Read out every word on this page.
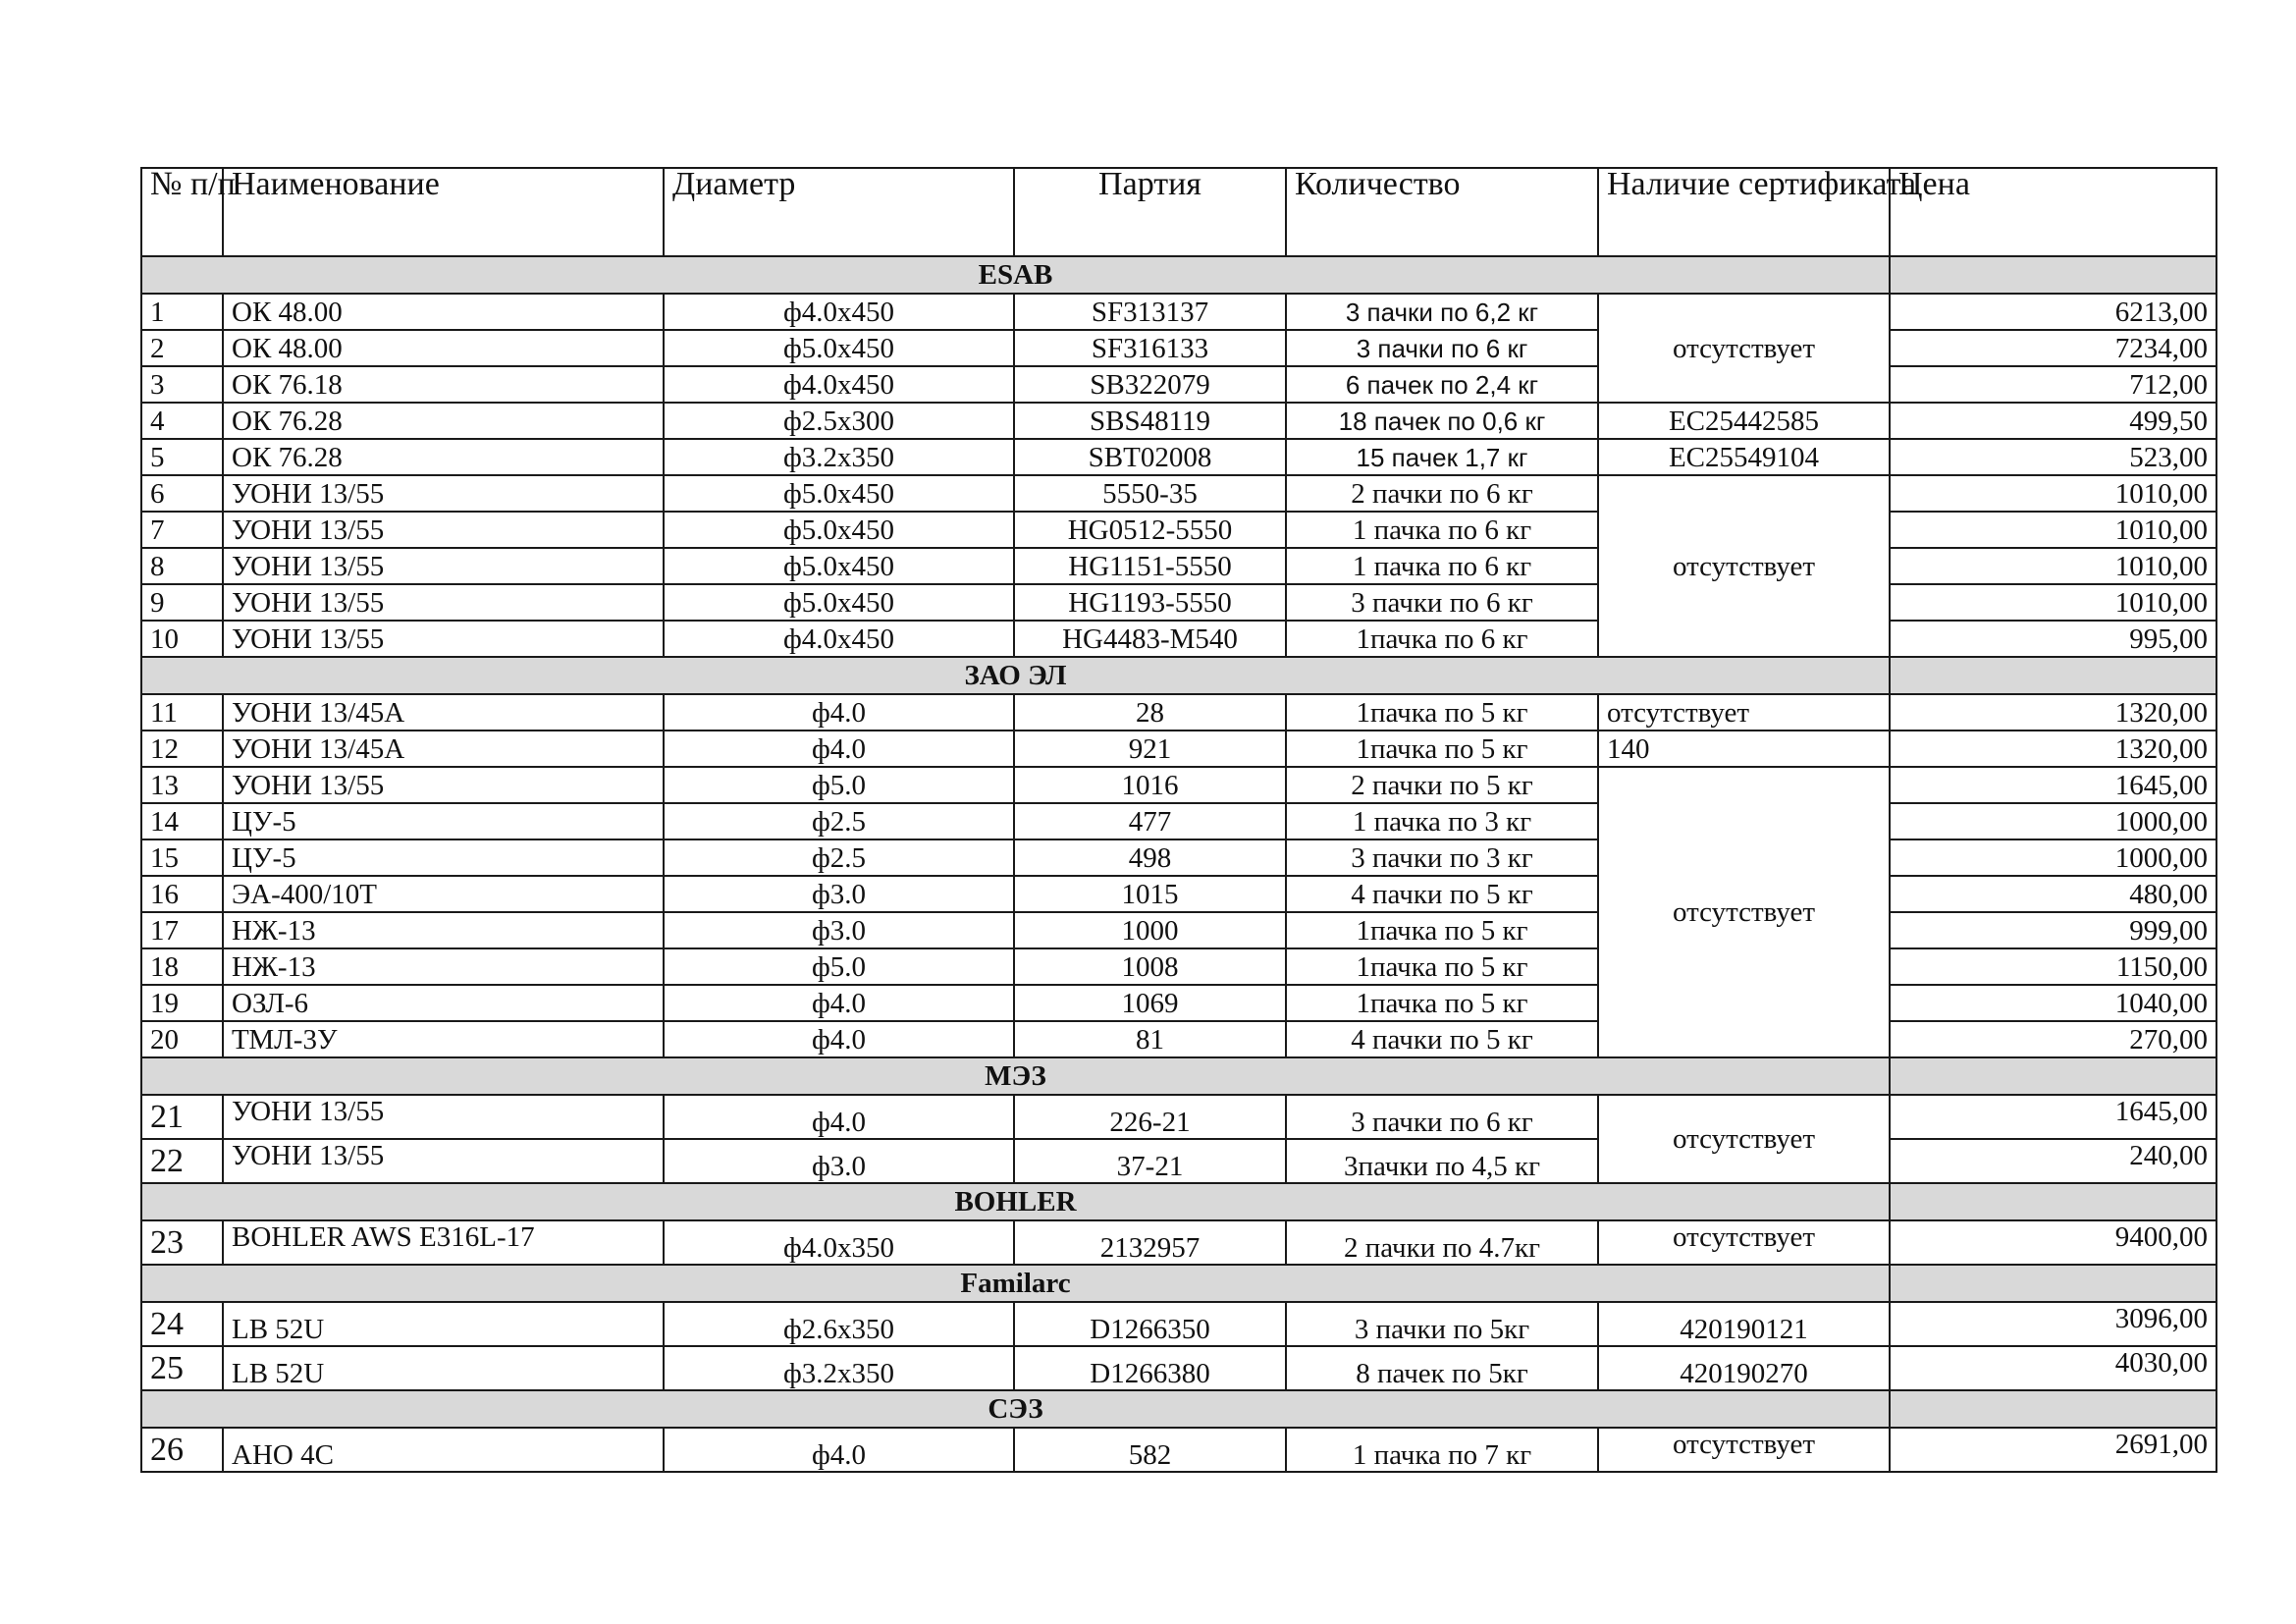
№ п/п	Наименование	Диаметр	Партия	Количество	Наличие сертификата	Цена
ESAB						
1	ОК 48.00	ф4.0х450	SF313137	3 пачки по 6,2 кг	отсутствует	6213,00
2	ОК 48.00	ф5.0х450	SF316133	3 пачки по 6 кг		7234,00
3	ОК 76.18	ф4.0х450	SB322079	6 пачек по 2,4 кг		712,00
4	ОК 76.28	ф2.5х300	SBS48119	18 пачек по 0,6 кг	EC25442585	499,50
5	ОК 76.28	ф3.2х350	SBT02008	15 пачек 1,7 кг	EC25549104	523,00
6	УОНИ 13/55	ф5.0х450	5550-35	2 пачки по 6 кг	отсутствует	1010,00
7	УОНИ 13/55	ф5.0х450	HG0512-5550	1 пачка по 6 кг		1010,00
8	УОНИ 13/55	ф5.0х450	HG1151-5550	1 пачка по 6 кг		1010,00
9	УОНИ 13/55	ф5.0х450	HG1193-5550	3 пачки по 6 кг		1010,00
10	УОНИ 13/55	ф4.0х450	HG4483-M540	1пачка по 6 кг		995,00
ЗАО ЭЛ						
11	УОНИ 13/45А	ф4.0	28	1пачка по 5 кг	отсутствует	1320,00
12	УОНИ 13/45А	ф4.0	921	1пачка по 5 кг	140	1320,00
13	УОНИ 13/55	ф5.0	1016	2 пачки по 5 кг	отсутствует	1645,00
14	ЦУ-5	ф2.5	477	1 пачка по 3 кг		1000,00
15	ЦУ-5	ф2.5	498	3 пачки по 3 кг		1000,00
16	ЭА-400/10Т	ф3.0	1015	4 пачки по 5 кг		480,00
17	НЖ-13	ф3.0	1000	1пачка по 5 кг		999,00
18	НЖ-13	ф5.0	1008	1пачка по 5 кг		1150,00
19	ОЗЛ-6	ф4.0	1069	1пачка по 5 кг		1040,00
20	ТМЛ-3У	ф4.0	81	4 пачки по 5 кг		270,00
МЭЗ						
21	УОНИ 13/55	ф4.0	226-21	3 пачки по 6 кг	отсутствует	1645,00
22	УОНИ 13/55	ф3.0	37-21	3пачки по 4,5 кг		240,00
BOHLER						
23	BOHLER AWS E316L-17	ф4.0х350	2132957	2 пачки по 4.7кг	отсутствует	9400,00
Familarc						
24	LB 52U	ф2.6х350	D1266350	3 пачки по 5кг	420190121	3096,00
25	LB 52U	ф3.2х350	D1266380	8 пачек по 5кг	420190270	4030,00
СЭЗ						
26	АНО 4С	ф4.0	582	1 пачка по 7 кг	отсутствует	2691,00
